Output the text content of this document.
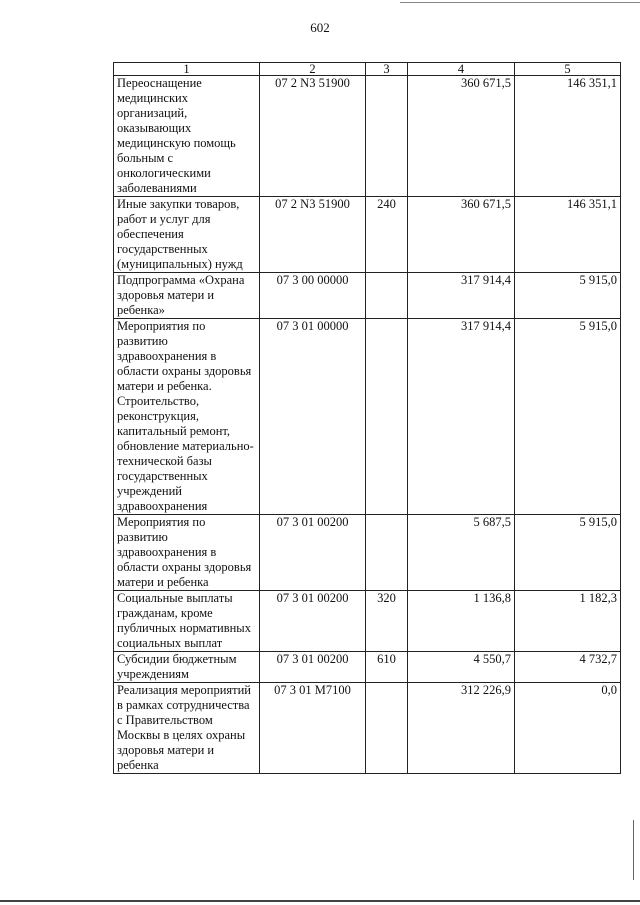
602
1	2	3	4	5
Переоснащение медицинских организаций, оказывающих медицинскую помощь больным с онкологическими заболеваниями	07 2 N3 51900		360 671,5	146 351,1
Иные закупки товаров, работ и услуг для обеспечения государственных (муниципальных) нужд	07 2 N3 51900	240	360 671,5	146 351,1
Подпрограмма «Охрана здоровья матери и ребенка»	07 3 00 00000		317 914,4	5 915,0
Мероприятия по развитию здравоохранения в области охраны здоровья матери и ребенка. Строительство, реконструкция, капитальный ремонт, обновление материально-технической базы государственных учреждений здравоохранения	07 3 01 00000		317 914,4	5 915,0
Мероприятия по развитию здравоохранения в области охраны здоровья матери и ребенка	07 3 01 00200		5 687,5	5 915,0
Социальные выплаты гражданам, кроме публичных нормативных социальных выплат	07 3 01 00200	320	1 136,8	1 182,3
Субсидии бюджетным учреждениям	07 3 01 00200	610	4 550,7	4 732,7
Реализация мероприятий в рамках сотрудничества с Правительством Москвы в целях охраны здоровья матери и ребенка	07 3 01 M7100		312 226,9	0,0
